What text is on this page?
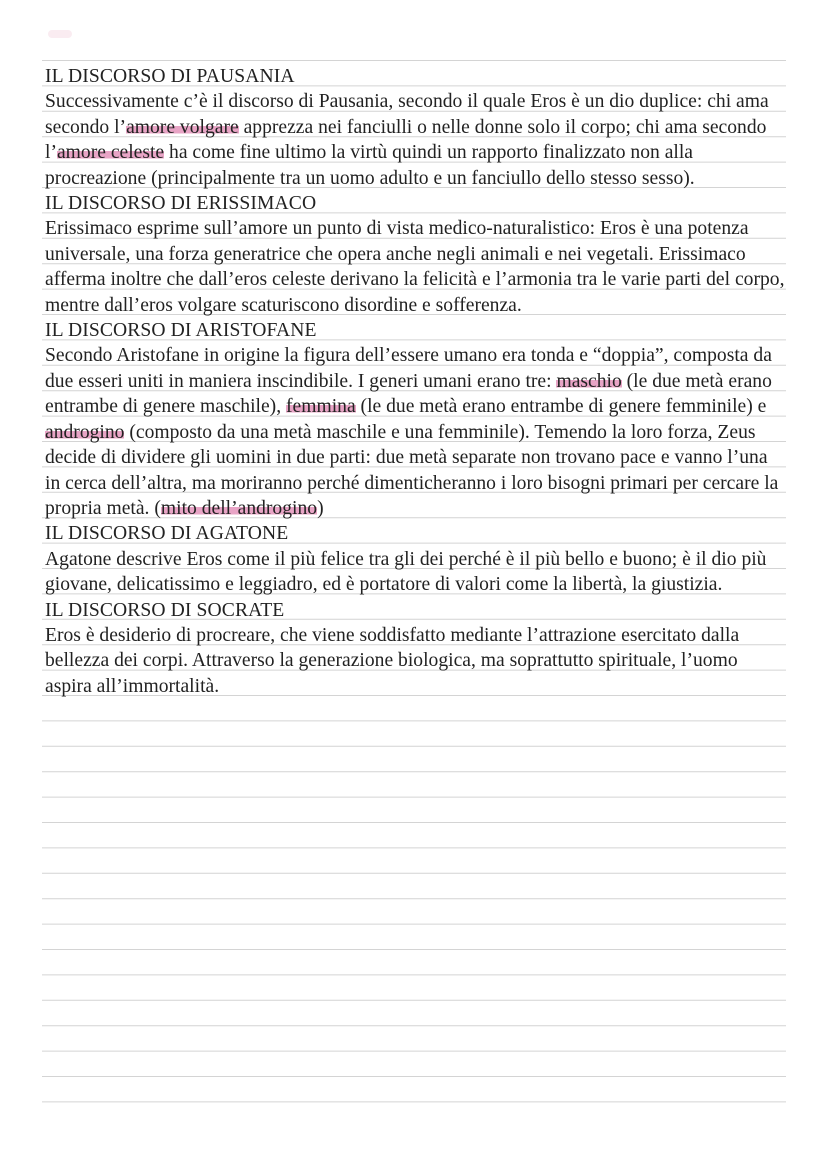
IL DISCORSO DI PAUSANIA

Successivamente c’è il discorso di Pausania, secondo il quale Eros è un dio duplice: chi ama secondo l’amore volgare apprezza nei fanciulli o nelle donne solo il corpo; chi ama secondo l’amore celeste ha come fine ultimo la virtù quindi un rapporto finalizzato non alla procreazione (principalmente tra un uomo adulto e un fanciullo dello stesso sesso).

IL DISCORSO DI ERISSIMACO

Erissimaco esprime sull’amore un punto di vista medico-naturalistico: Eros è una potenza universale, una forza generatrice che opera anche negli animali e nei vegetali. Erissimaco afferma inoltre che dall’eros celeste derivano la felicità e l’armonia tra le varie parti del corpo, mentre dall’eros volgare scaturiscono disordine e sofferenza.

IL DISCORSO DI ARISTOFANE

Secondo Aristofane in origine la figura dell’essere umano era tonda e “doppia”, composta da due esseri uniti in maniera inscindibile. I generi umani erano tre: maschio (le due metà erano entrambe di genere maschile), femmina (le due metà erano entrambe di genere femminile) e androgino (composto da una metà maschile e una femminile). Temendo la loro forza, Zeus decide di dividere gli uomini in due parti: due metà separate non trovano pace e vanno l’una in cerca dell’altra, ma moriranno perché dimenticheranno i loro bisogni primari per cercare la propria metà. (mito dell’androgino)

IL DISCORSO DI AGATONE

Agatone descrive Eros come il più felice tra gli dei perché è il più bello e buono; è il dio più giovane, delicatissimo e leggiadro, ed è portatore di valori come la libertà, la giustizia.

IL DISCORSO DI SOCRATE

Eros è desiderio di procreare, che viene soddisfatto mediante l’attrazione esercitato dalla bellezza dei corpi. Attraverso la generazione biologica, ma soprattutto spirituale, l’uomo aspira all’immortalità.
